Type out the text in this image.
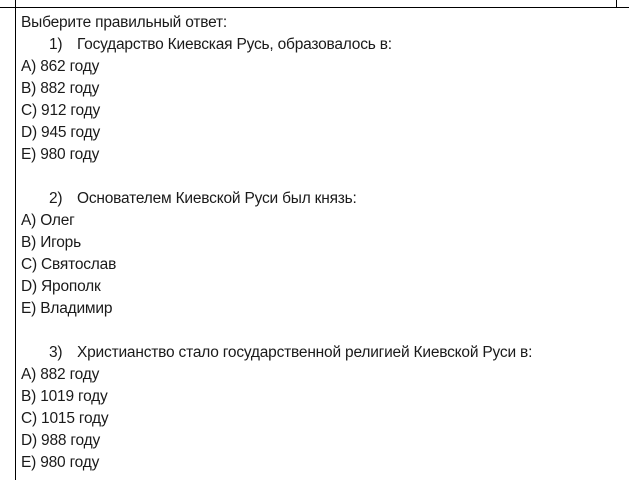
Выберите правильный ответ:
1) Государство Киевская Русь, образовалось в:
A) 862 году
B) 882 году
C) 912 году
D) 945 году
E) 980 году
2) Основателем Киевской Руси был князь:
A) Олег
B) Игорь
C) Святослав
D) Ярополк
E) Владимир
3) Христианство стало государственной религией Киевской Руси в:
A) 882 году
B) 1019 году
C) 1015 году
D) 988 году
E) 980 году
